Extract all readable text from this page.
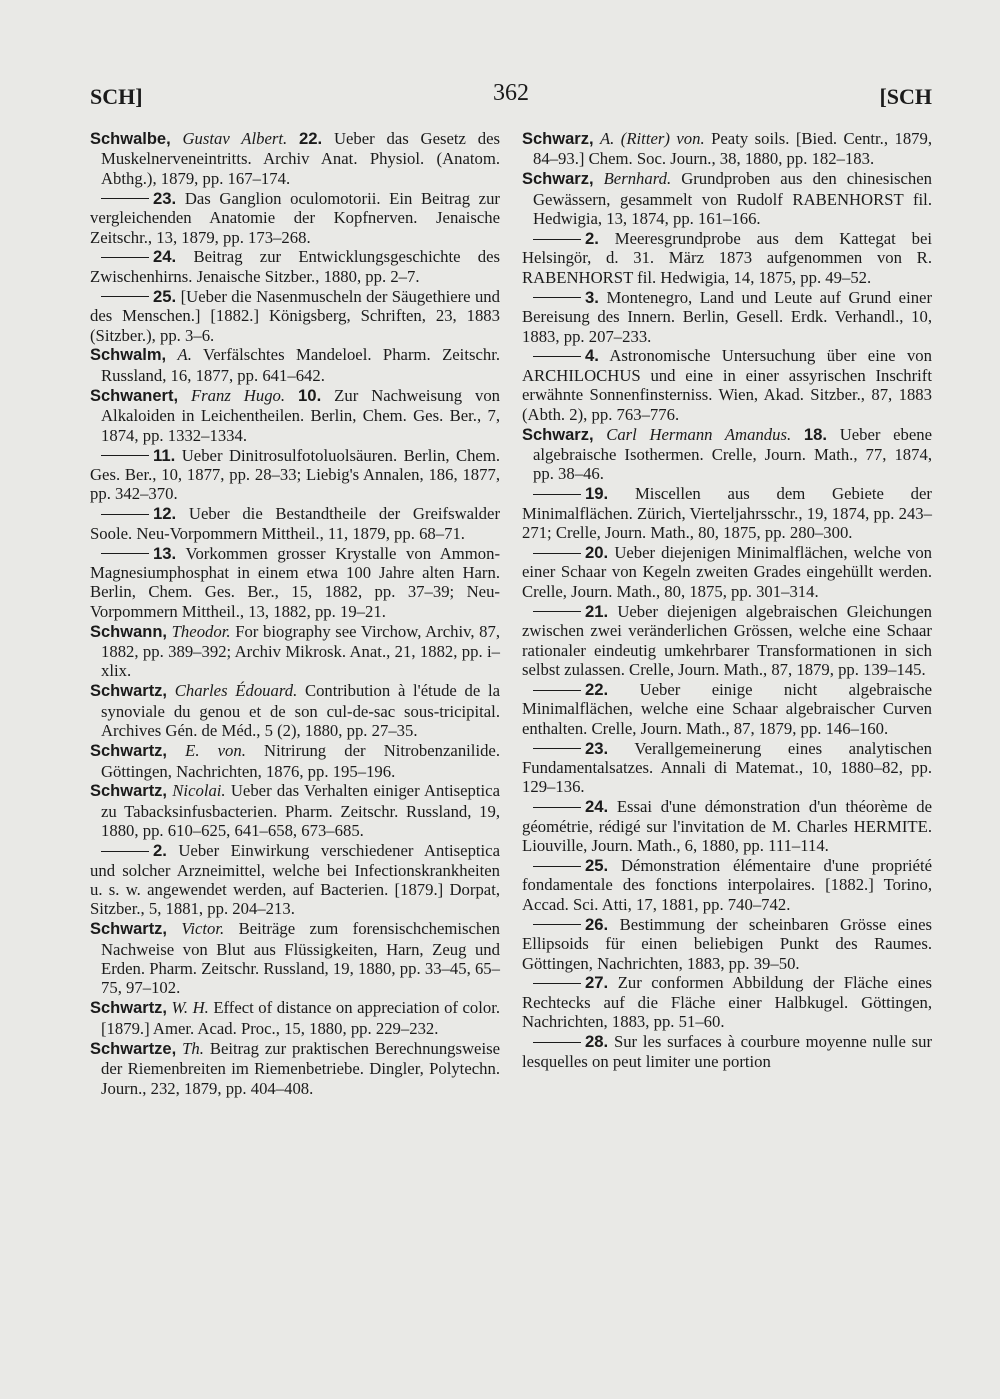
SCH]	362	[SCH

Schwalbe, Gustav Albert. 22. Ueber das Gesetz des Muskelnerveneintritts. Archiv Anat. Physiol. (Anatom. Abthg.), 1879, pp. 167–174.

23. Das Ganglion oculomotorii. Ein Beitrag zur vergleichenden Anatomie der Kopfnerven. Jenaische Zeitschr., 13, 1879, pp. 173–268.

24. Beitrag zur Entwicklungsgeschichte des Zwischenhirns. Jenaische Sitzber., 1880, pp. 2–7.

25. [Ueber die Nasenmuscheln der Säugethiere und des Menschen.] [1882.] Königsberg, Schriften, 23, 1883 (Sitzber.), pp. 3–6.

Schwalm, A. Verfälschtes Mandeloel. Pharm. Zeitschr. Russland, 16, 1877, pp. 641–642.

Schwanert, Franz Hugo. 10. Zur Nachweisung von Alkaloiden in Leichentheilen. Berlin, Chem. Ges. Ber., 7, 1874, pp. 1332–1334.

11. Ueber Dinitrosulfotoluolsäuren. Berlin, Chem. Ges. Ber., 10, 1877, pp. 28–33; Liebig's Annalen, 186, 1877, pp. 342–370.

12. Ueber die Bestandtheile der Greifswalder Soole. Neu-Vorpommern Mittheil., 11, 1879, pp. 68–71.

13. Vorkommen grosser Krystalle von Ammon-Magnesiumphosphat in einem etwa 100 Jahre alten Harn. Berlin, Chem. Ges. Ber., 15, 1882, pp. 37–39; Neu-Vorpommern Mittheil., 13, 1882, pp. 19–21.

Schwann, Theodor. For biography see Virchow, Archiv, 87, 1882, pp. 389–392; Archiv Mikrosk. Anat., 21, 1882, pp. i–xlix.

Schwartz, Charles Édouard. Contribution à l'étude de la synoviale du genou et de son cul-de-sac sous-tricipital. Archives Gén. de Méd., 5 (2), 1880, pp. 27–35.

Schwartz, E. von. Nitrirung der Nitrobenzanilide. Göttingen, Nachrichten, 1876, pp. 195–196.

Schwartz, Nicolai. Ueber das Verhalten einiger Antiseptica zu Tabacksinfusbacterien. Pharm. Zeitschr. Russland, 19, 1880, pp. 610–625, 641–658, 673–685.

2. Ueber Einwirkung verschiedener Antiseptica und solcher Arzneimittel, welche bei Infectionskrankheiten u. s. w. angewendet werden, auf Bacterien. [1879.] Dorpat, Sitzber., 5, 1881, pp. 204–213.

Schwartz, Victor. Beiträge zum forensischchemischen Nachweise von Blut aus Flüssigkeiten, Harn, Zeug und Erden. Pharm. Zeitschr. Russland, 19, 1880, pp. 33–45, 65–75, 97–102.

Schwartz, W. H. Effect of distance on appreciation of color. [1879.] Amer. Acad. Proc., 15, 1880, pp. 229–232.

Schwartze, Th. Beitrag zur praktischen Berechnungsweise der Riemenbreiten im Riemenbetriebe. Dingler, Polytechn. Journ., 232, 1879, pp. 404–408.

Schwarz, A. (Ritter) von. Peaty soils. [Bied. Centr., 1879, 84–93.] Chem. Soc. Journ., 38, 1880, pp. 182–183.

Schwarz, Bernhard. Grundproben aus den chinesischen Gewässern, gesammelt von Rudolf RABENHORST fil. Hedwigia, 13, 1874, pp. 161–166.

2. Meeresgrundprobe aus dem Kattegat bei Helsingör, d. 31. März 1873 aufgenommen von R. RABENHORST fil. Hedwigia, 14, 1875, pp. 49–52.

3. Montenegro, Land und Leute auf Grund einer Bereisung des Innern. Berlin, Gesell. Erdk. Verhandl., 10, 1883, pp. 207–233.

4. Astronomische Untersuchung über eine von ARCHILOCHUS und eine in einer assyrischen Inschrift erwähnte Sonnenfinsterniss. Wien, Akad. Sitzber., 87, 1883 (Abth. 2), pp. 763–776.

Schwarz, Carl Hermann Amandus. 18. Ueber ebene algebraische Isothermen. Crelle, Journ. Math., 77, 1874, pp. 38–46.

19. Miscellen aus dem Gebiete der Minimalflächen. Zürich, Vierteljahrsschr., 19, 1874, pp. 243–271; Crelle, Journ. Math., 80, 1875, pp. 280–300.

20. Ueber diejenigen Minimalflächen, welche von einer Schaar von Kegeln zweiten Grades eingehüllt werden. Crelle, Journ. Math., 80, 1875, pp. 301–314.

21. Ueber diejenigen algebraischen Gleichungen zwischen zwei veränderlichen Grössen, welche eine Schaar rationaler eindeutig umkehrbarer Transformationen in sich selbst zulassen. Crelle, Journ. Math., 87, 1879, pp. 139–145.

22. Ueber einige nicht algebraische Minimalflächen, welche eine Schaar algebraischer Curven enthalten. Crelle, Journ. Math., 87, 1879, pp. 146–160.

23. Verallgemeinerung eines analytischen Fundamentalsatzes. Annali di Matemat., 10, 1880–82, pp. 129–136.

24. Essai d'une démonstration d'un théorème de géométrie, rédigé sur l'invitation de M. Charles HERMITE. Liouville, Journ. Math., 6, 1880, pp. 111–114.

25. Démonstration élémentaire d'une propriété fondamentale des fonctions interpolaires. [1882.] Torino, Accad. Sci. Atti, 17, 1881, pp. 740–742.

26. Bestimmung der scheinbaren Grösse eines Ellipsoids für einen beliebigen Punkt des Raumes. Göttingen, Nachrichten, 1883, pp. 39–50.

27. Zur conformen Abbildung der Fläche eines Rechtecks auf die Fläche einer Halbkugel. Göttingen, Nachrichten, 1883, pp. 51–60.

28. Sur les surfaces à courbure moyenne nulle sur lesquelles on peut limiter une portion
